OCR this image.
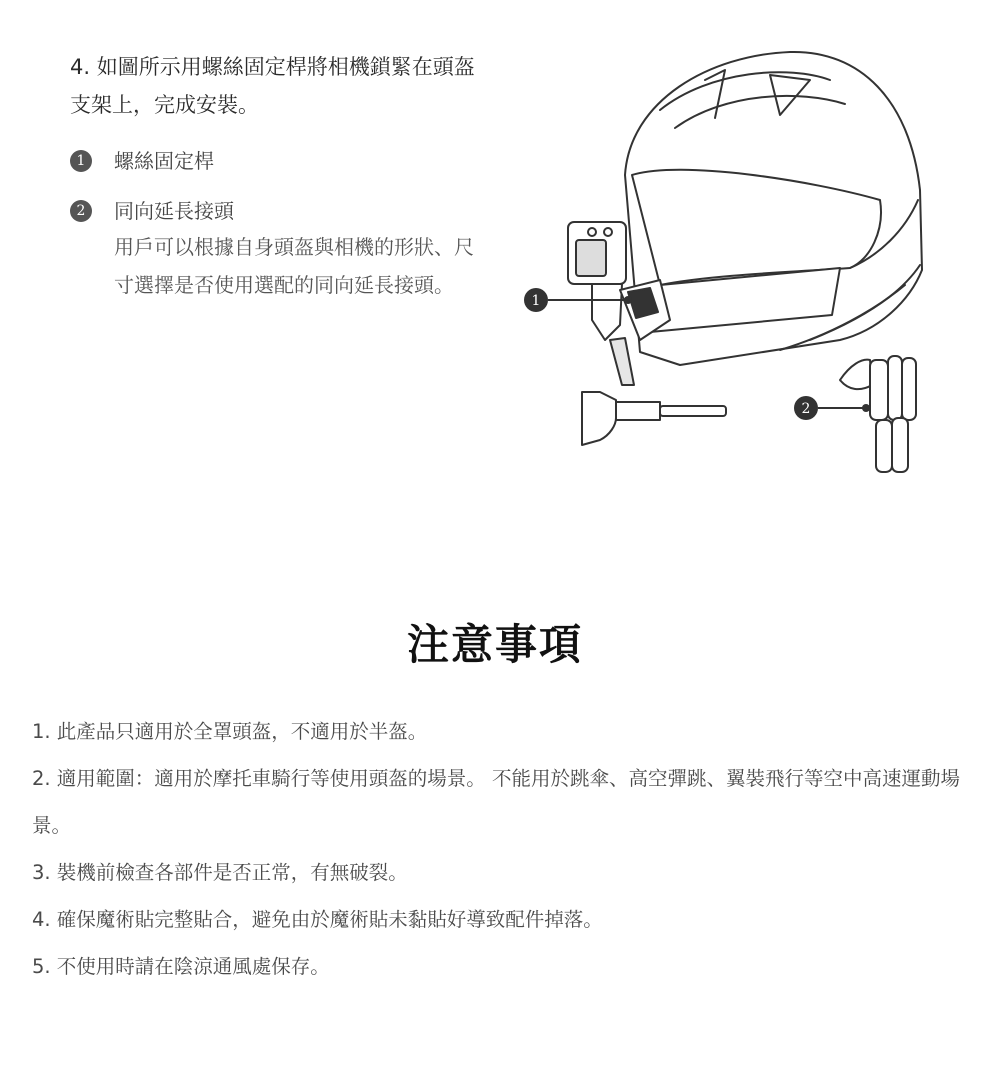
4. 如圖所示用螺絲固定桿將相機鎖緊在頭盔支架上，完成安裝。

1	螺絲固定桿
2	同向延長接頭
用戶可以根據自身頭盔與相機的形狀、尺寸選擇是否使用選配的同向延長接頭。
1
2
注意事項
1. 此產品只適用於全罩頭盔，不適用於半盔。
2. 適用範圍：適用於摩托車騎行等使用頭盔的場景。 不能用於跳傘、高空彈跳、翼裝飛行等空中高速運動場景。
3. 裝機前檢查各部件是否正常，有無破裂。
4. 確保魔術貼完整貼合，避免由於魔術貼未黏貼好導致配件掉落。
5. 不使用時請在陰涼通風處保存。
